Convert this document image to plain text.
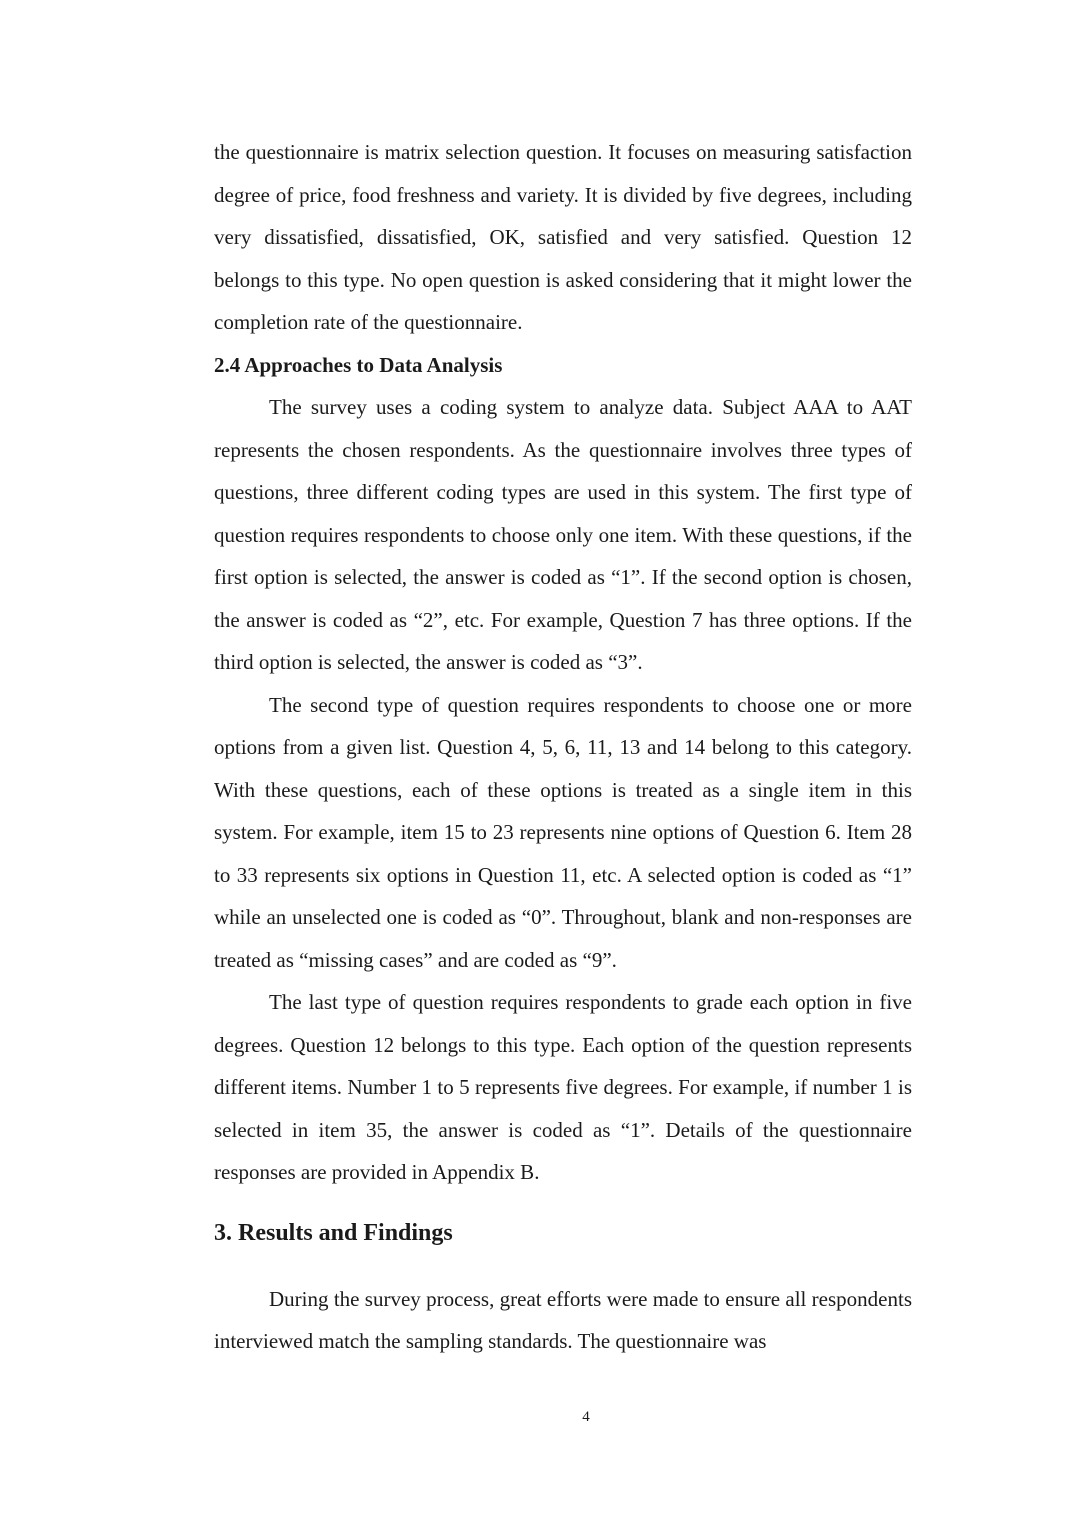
the questionnaire is matrix selection question. It focuses on measuring satisfaction degree of price, food freshness and variety. It is divided by five degrees, including very dissatisfied, dissatisfied, OK, satisfied and very satisfied. Question 12 belongs to this type. No open question is asked considering that it might lower the completion rate of the questionnaire.

2.4 Approaches to Data Analysis

The survey uses a coding system to analyze data. Subject AAA to AAT represents the chosen respondents. As the questionnaire involves three types of questions, three different coding types are used in this system. The first type of question requires respondents to choose only one item. With these questions, if the first option is selected, the answer is coded as “1”. If the second option is chosen, the answer is coded as “2”, etc. For example, Question 7 has three options. If the third option is selected, the answer is coded as “3”.

The second type of question requires respondents to choose one or more options from a given list. Question 4, 5, 6, 11, 13 and 14 belong to this category. With these questions, each of these options is treated as a single item in this system. For example, item 15 to 23 represents nine options of Question 6. Item 28 to 33 represents six options in Question 11, etc. A selected option is coded as “1” while an unselected one is coded as “0”. Throughout, blank and non-responses are treated as “missing cases” and are coded as “9”.

The last type of question requires respondents to grade each option in five degrees. Question 12 belongs to this type. Each option of the question represents different items. Number 1 to 5 represents five degrees. For example, if number 1 is selected in item 35, the answer is coded as “1”. Details of the questionnaire responses are provided in Appendix B.

3. Results and Findings

During the survey process, great efforts were made to ensure all respondents interviewed match the sampling standards. The questionnaire was

4
